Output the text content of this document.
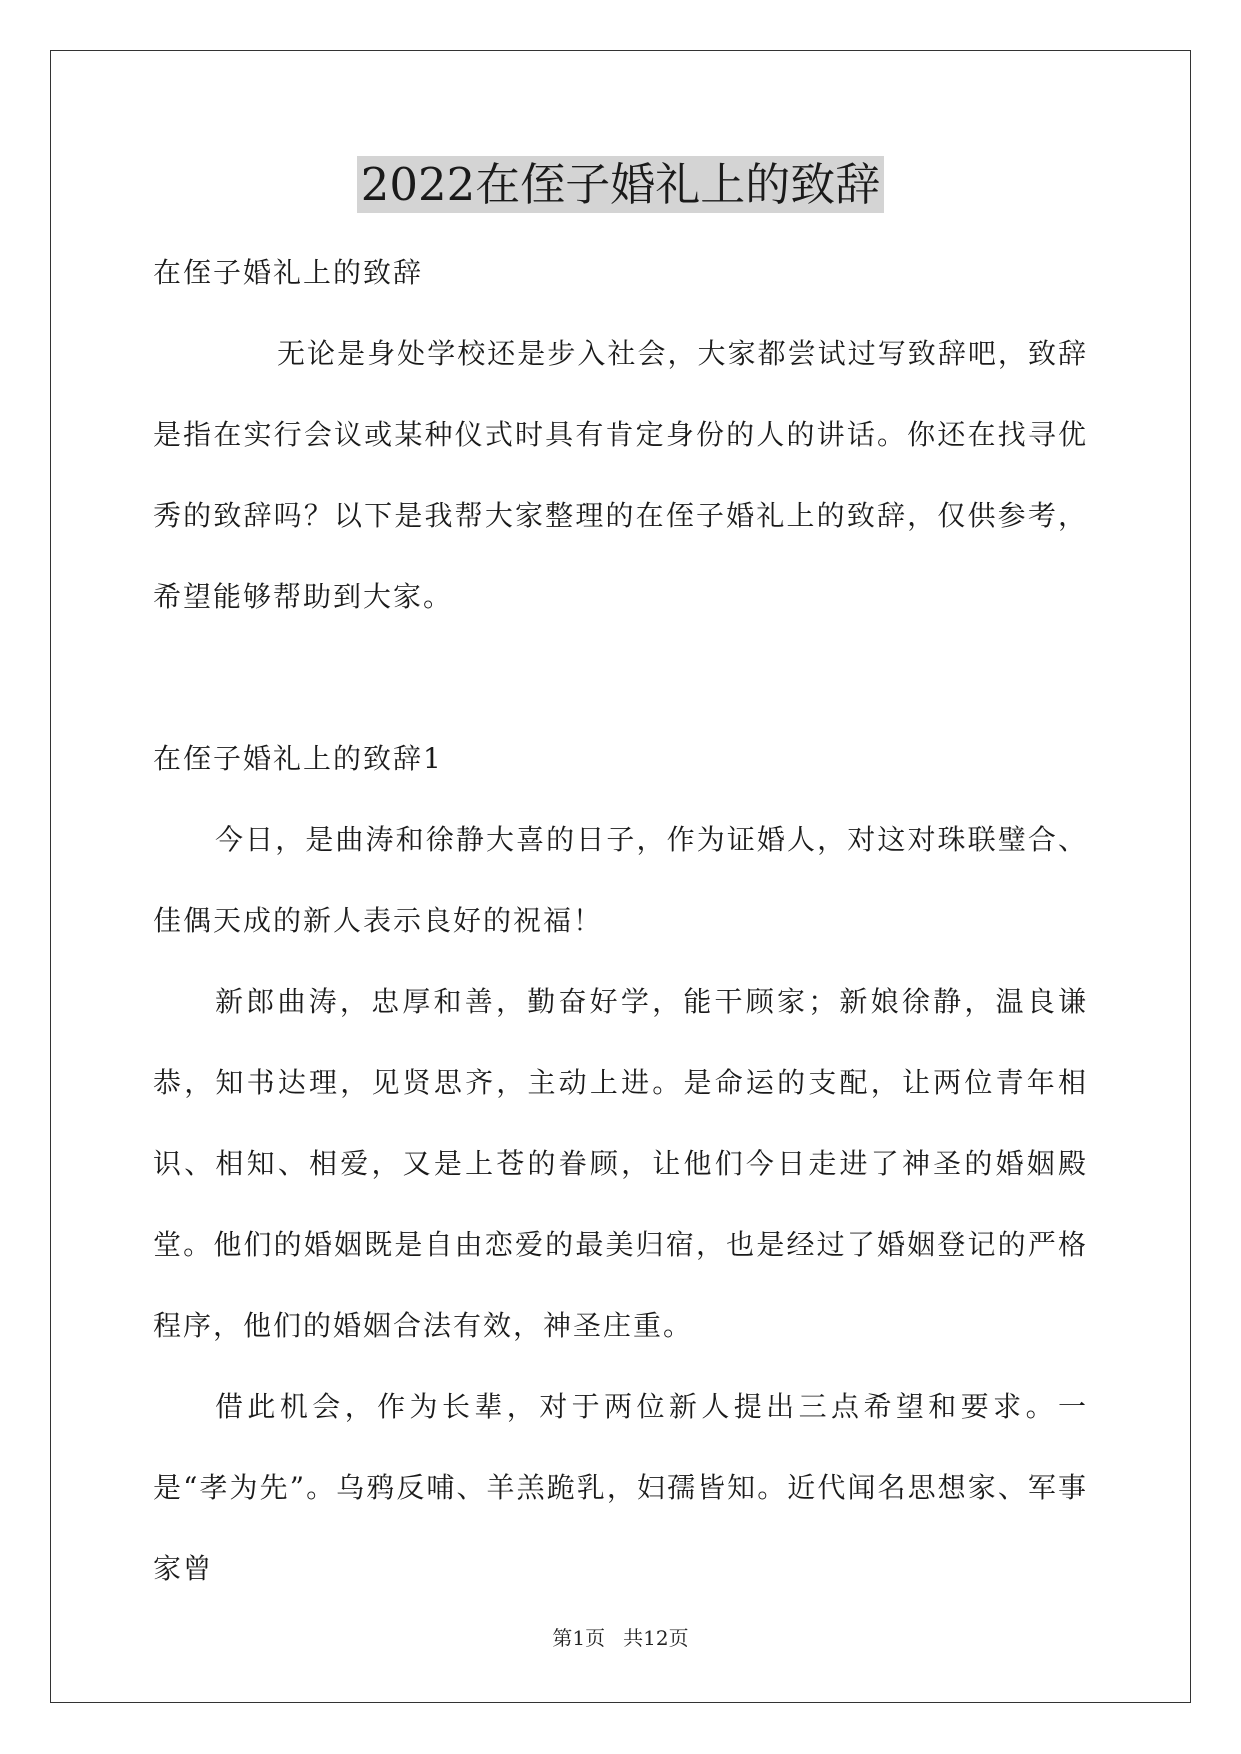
2022在侄子婚礼上的致辞

在侄子婚礼上的致辞

无论是身处学校还是步入社会，大家都尝试过写致辞吧，致辞是指在实行会议或某种仪式时具有肯定身份的人的讲话。你还在找寻优秀的致辞吗？以下是我帮大家整理的在侄子婚礼上的致辞，仅供参考，希望能够帮助到大家。

在侄子婚礼上的致辞1

今日，是曲涛和徐静大喜的日子，作为证婚人，对这对珠联璧合、佳偶天成的新人表示良好的祝福！

新郎曲涛，忠厚和善，勤奋好学，能干顾家；新娘徐静，温良谦恭，知书达理，见贤思齐，主动上进。是命运的支配，让两位青年相识、相知、相爱，又是上苍的眷顾，让他们今日走进了神圣的婚姻殿堂。他们的婚姻既是自由恋爱的最美归宿，也是经过了婚姻登记的严格程序，他们的婚姻合法有效，神圣庄重。

借此机会，作为长辈，对于两位新人提出三点希望和要求。一是“孝为先”。乌鸦反哺、羊羔跪乳，妇孺皆知。近代闻名思想家、军事家曾

第1页 共12页
